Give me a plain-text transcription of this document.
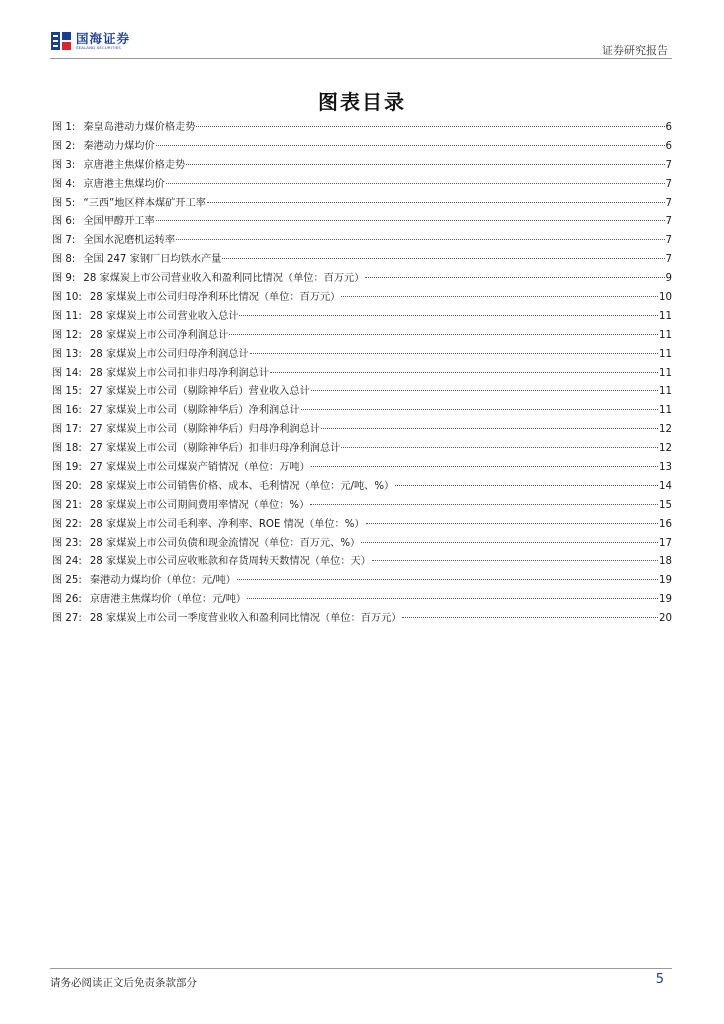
国海证券
SEALAND SECURITIES	证券研究报告
图表目录
图 1: 秦皇岛港动力煤价格走势	6
图 2: 秦港动力煤均价	6
图 3: 京唐港主焦煤价格走势	7
图 4: 京唐港主焦煤均价	7
图 5: “三西”地区样本煤矿开工率	7
图 6: 全国甲醇开工率	7
图 7: 全国水泥磨机运转率	7
图 8: 全国 247 家钢厂日均铁水产量	7
图 9: 28 家煤炭上市公司营业收入和盈利同比情况（单位：百万元）	9
图 10: 28 家煤炭上市公司归母净利环比情况（单位：百万元）	10
图 11: 28 家煤炭上市公司营业收入总计	11
图 12: 28 家煤炭上市公司净利润总计	11
图 13: 28 家煤炭上市公司归母净利润总计	11
图 14: 28 家煤炭上市公司扣非归母净利润总计	11
图 15: 27 家煤炭上市公司（剔除神华后）营业收入总计	11
图 16: 27 家煤炭上市公司（剔除神华后）净利润总计	11
图 17: 27 家煤炭上市公司（剔除神华后）归母净利润总计	12
图 18: 27 家煤炭上市公司（剔除神华后）扣非归母净利润总计	12
图 19: 27 家煤炭上市公司煤炭产销情况（单位：万吨）	13
图 20: 28 家煤炭上市公司销售价格、成本、毛利情况（单位：元/吨、%）	14
图 21: 28 家煤炭上市公司期间费用率情况（单位：%）	15
图 22: 28 家煤炭上市公司毛利率、净利率、ROE 情况（单位：%）	16
图 23: 28 家煤炭上市公司负债和现金流情况（单位：百万元、%）	17
图 24: 28 家煤炭上市公司应收账款和存货周转天数情况（单位：天）	18
图 25: 秦港动力煤均价（单位：元/吨）	19
图 26: 京唐港主焦煤均价（单位：元/吨）	19
图 27: 28 家煤炭上市公司一季度营业收入和盈利同比情况（单位：百万元）	20
请务必阅读正文后免责条款部分	5
